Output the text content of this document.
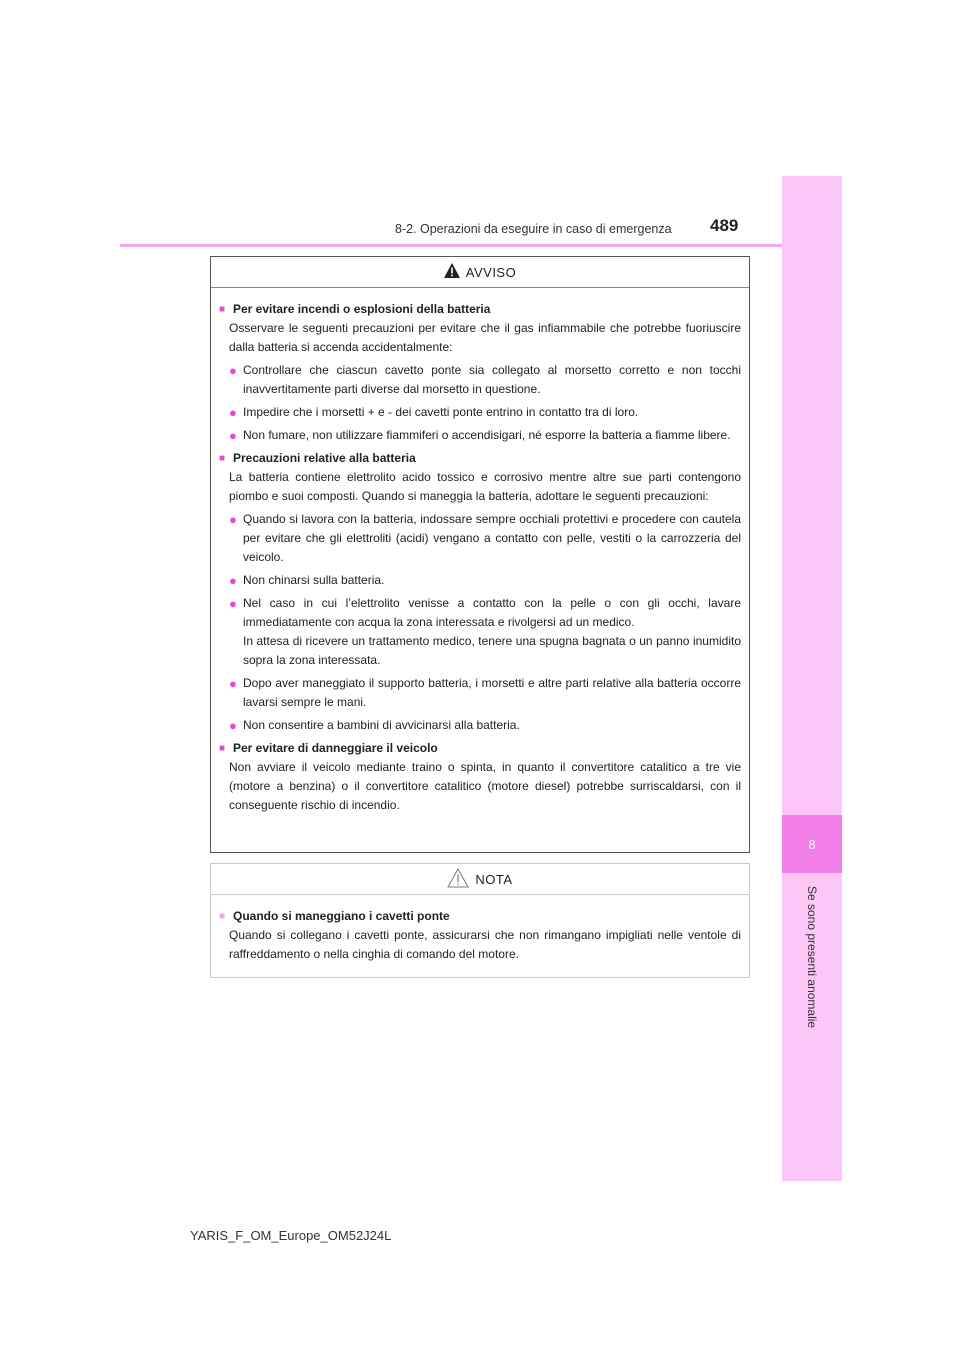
8
Se sono presenti anomalie
8-2. Operazioni da eseguire in caso di emergenza 489
AVVISO
■ Per evitare incendi o esplosioni della batteria
Osservare le seguenti precauzioni per evitare che il gas infiammabile che potrebbe fuoriuscire dalla batteria si accenda accidentalmente:
● Controllare che ciascun cavetto ponte sia collegato al morsetto corretto e non tocchi inavvertitamente parti diverse dal morsetto in questione.
● Impedire che i morsetti + e - dei cavetti ponte entrino in contatto tra di loro.
● Non fumare, non utilizzare fiammiferi o accendisigari, né esporre la batteria a fiamme libere.
■ Precauzioni relative alla batteria
La batteria contiene elettrolito acido tossico e corrosivo mentre altre sue parti contengono piombo e suoi composti. Quando si maneggia la batteria, adottare le seguenti precauzioni:
● Quando si lavora con la batteria, indossare sempre occhiali protettivi e procedere con cautela per evitare che gli elettroliti (acidi) vengano a contatto con pelle, vestiti o la carrozzeria del veicolo.
● Non chinarsi sulla batteria.
● Nel caso in cui l’elettrolito venisse a contatto con la pelle o con gli occhi, lavare immediatamente con acqua la zona interessata e rivolgersi ad un medico.
In attesa di ricevere un trattamento medico, tenere una spugna bagnata o un panno inumidito sopra la zona interessata.
● Dopo aver maneggiato il supporto batteria, i morsetti e altre parti relative alla batteria occorre lavarsi sempre le mani.
● Non consentire a bambini di avvicinarsi alla batteria.
■ Per evitare di danneggiare il veicolo
Non avviare il veicolo mediante traino o spinta, in quanto il convertitore catalitico a tre vie (motore a benzina) o il convertitore catalitico (motore diesel) potrebbe surriscaldarsi, con il conseguente rischio di incendio.
NOTA
■ Quando si maneggiano i cavetti ponte
Quando si collegano i cavetti ponte, assicurarsi che non rimangano impigliati nelle ventole di raffreddamento o nella cinghia di comando del motore.
YARIS_F_OM_Europe_OM52J24L
